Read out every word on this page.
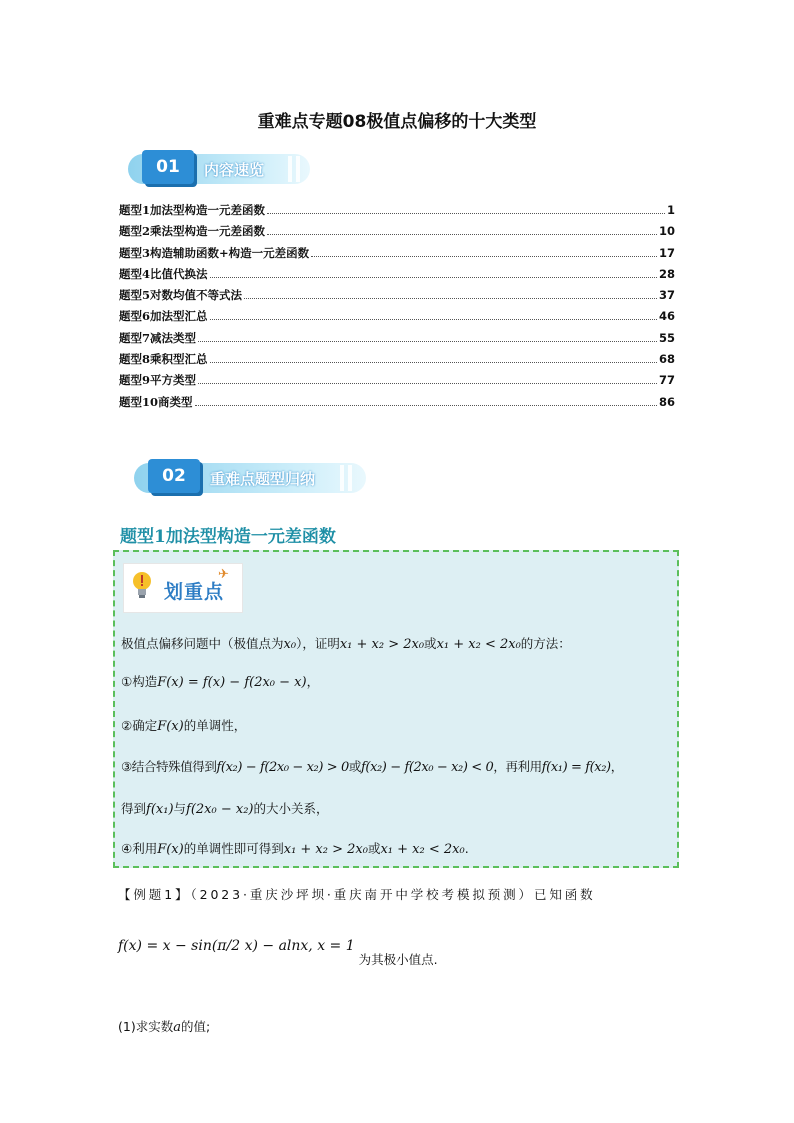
重难点专题08极值点偏移的十大类型
01	内容速览
题型1加法型构造一元差函数	1
题型2乘法型构造一元差函数	10
题型3构造辅助函数+构造一元差函数	17
题型4比值代换法	28
题型5对数均值不等式法	37
题型6加法型汇总	46
题型7减法类型	55
题型8乘积型汇总	68
题型9平方类型	77
题型10商类型	86
02	重难点题型归纳
题型1加法型构造一元差函数
划重点
✈
极值点偏移问题中（极值点为x₀），证明x₁ + x₂ > 2x₀或x₁ + x₂ < 2x₀的方法：
①构造F(x) = f(x) − f(2x₀ − x)，
②确定F(x)的单调性，
③结合特殊值得到f(x₂) − f(2x₀ − x₂) > 0或f(x₂) − f(2x₀ − x₂) < 0，再利用f(x₁) = f(x₂)，
得到f(x₁)与f(2x₀ − x₂)的大小关系，
④利用F(x)的单调性即可得到x₁ + x₂ > 2x₀或x₁ + x₂ < 2x₀.
【例题1】（2023·重庆沙坪坝·重庆南开中学校考模拟预测）已知函数
f(x) = x − sin(π/2 x) − alnx, x = 1 为其极小值点.
(1)求实数a的值;
